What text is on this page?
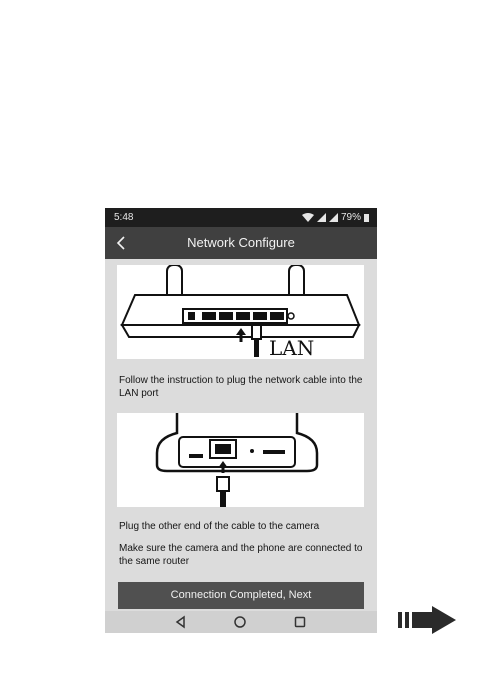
5:48	79%
Network Configure
LAN
Follow the instruction to plug the network cable into the LAN port
Plug the other end of the cable to the camera
Make sure the camera and the phone are connected to the same router
Connection Completed, Next
